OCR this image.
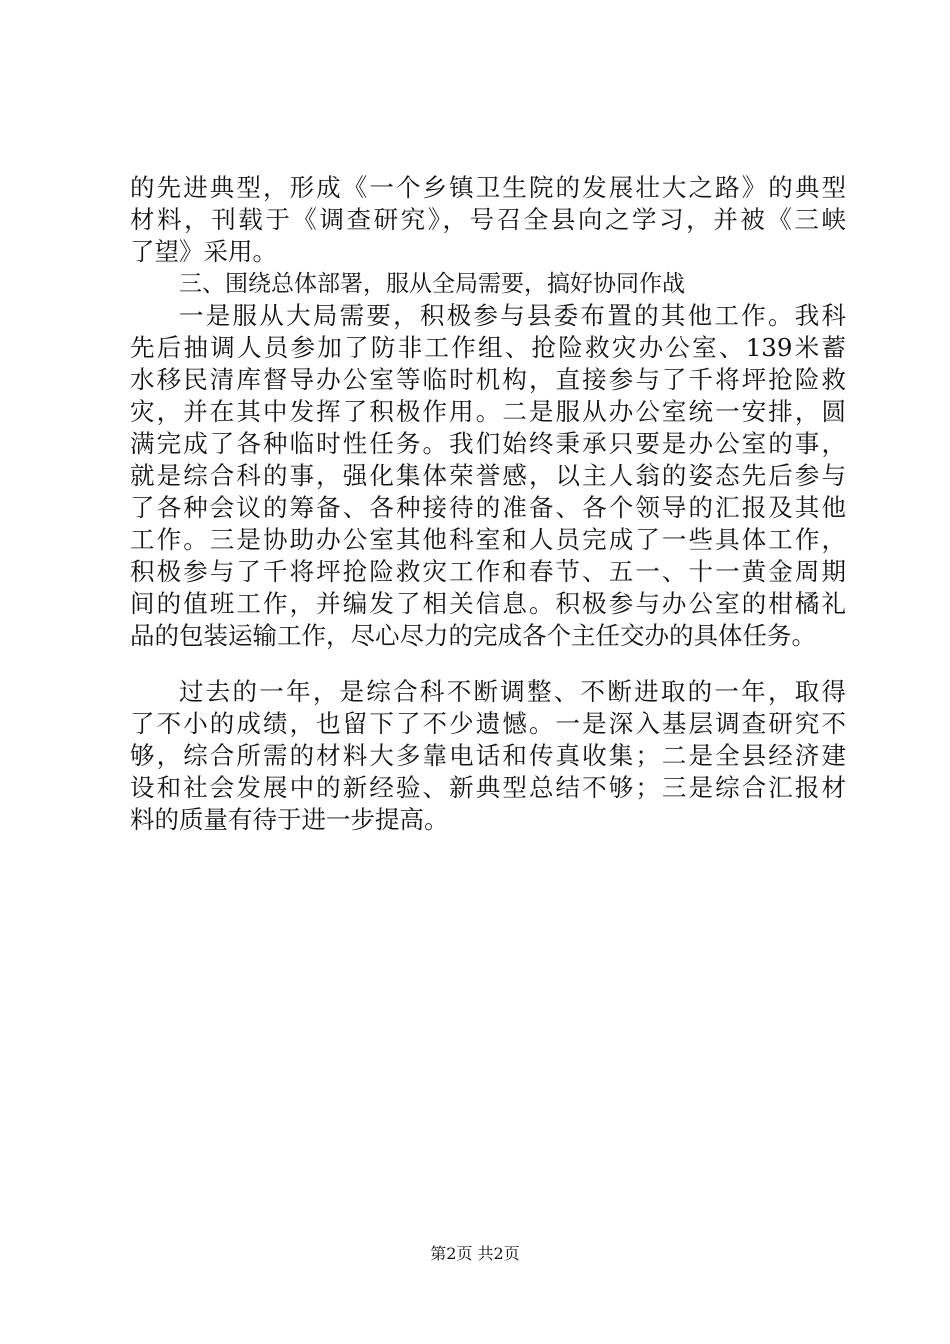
的先进典型，形成《一个乡镇卫生院的发展壮大之路》的典型
材料，刊载于《调查研究》，号召全县向之学习，并被《三峡
了望》采用。
三、围绕总体部署，服从全局需要，搞好协同作战
一是服从大局需要，积极参与县委布置的其他工作。我科
先后抽调人员参加了防非工作组、抢险救灾办公室、139米蓄
水移民清库督导办公室等临时机构，直接参与了千将坪抢险救
灾，并在其中发挥了积极作用。二是服从办公室统一安排，圆
满完成了各种临时性任务。我们始终秉承只要是办公室的事，
就是综合科的事，强化集体荣誉感，以主人翁的姿态先后参与
了各种会议的筹备、各种接待的准备、各个领导的汇报及其他
工作。三是协助办公室其他科室和人员完成了一些具体工作，
积极参与了千将坪抢险救灾工作和春节、五一、十一黄金周期
间的值班工作，并编发了相关信息。积极参与办公室的柑橘礼
品的包装运输工作，尽心尽力的完成各个主任交办的具体任务。
过去的一年，是综合科不断调整、不断进取的一年，取得
了不小的成绩，也留下了不少遗憾。一是深入基层调查研究不
够，综合所需的材料大多靠电话和传真收集；二是全县经济建
设和社会发展中的新经验、新典型总结不够；三是综合汇报材
料的质量有待于进一步提高。
第2页 共2页
